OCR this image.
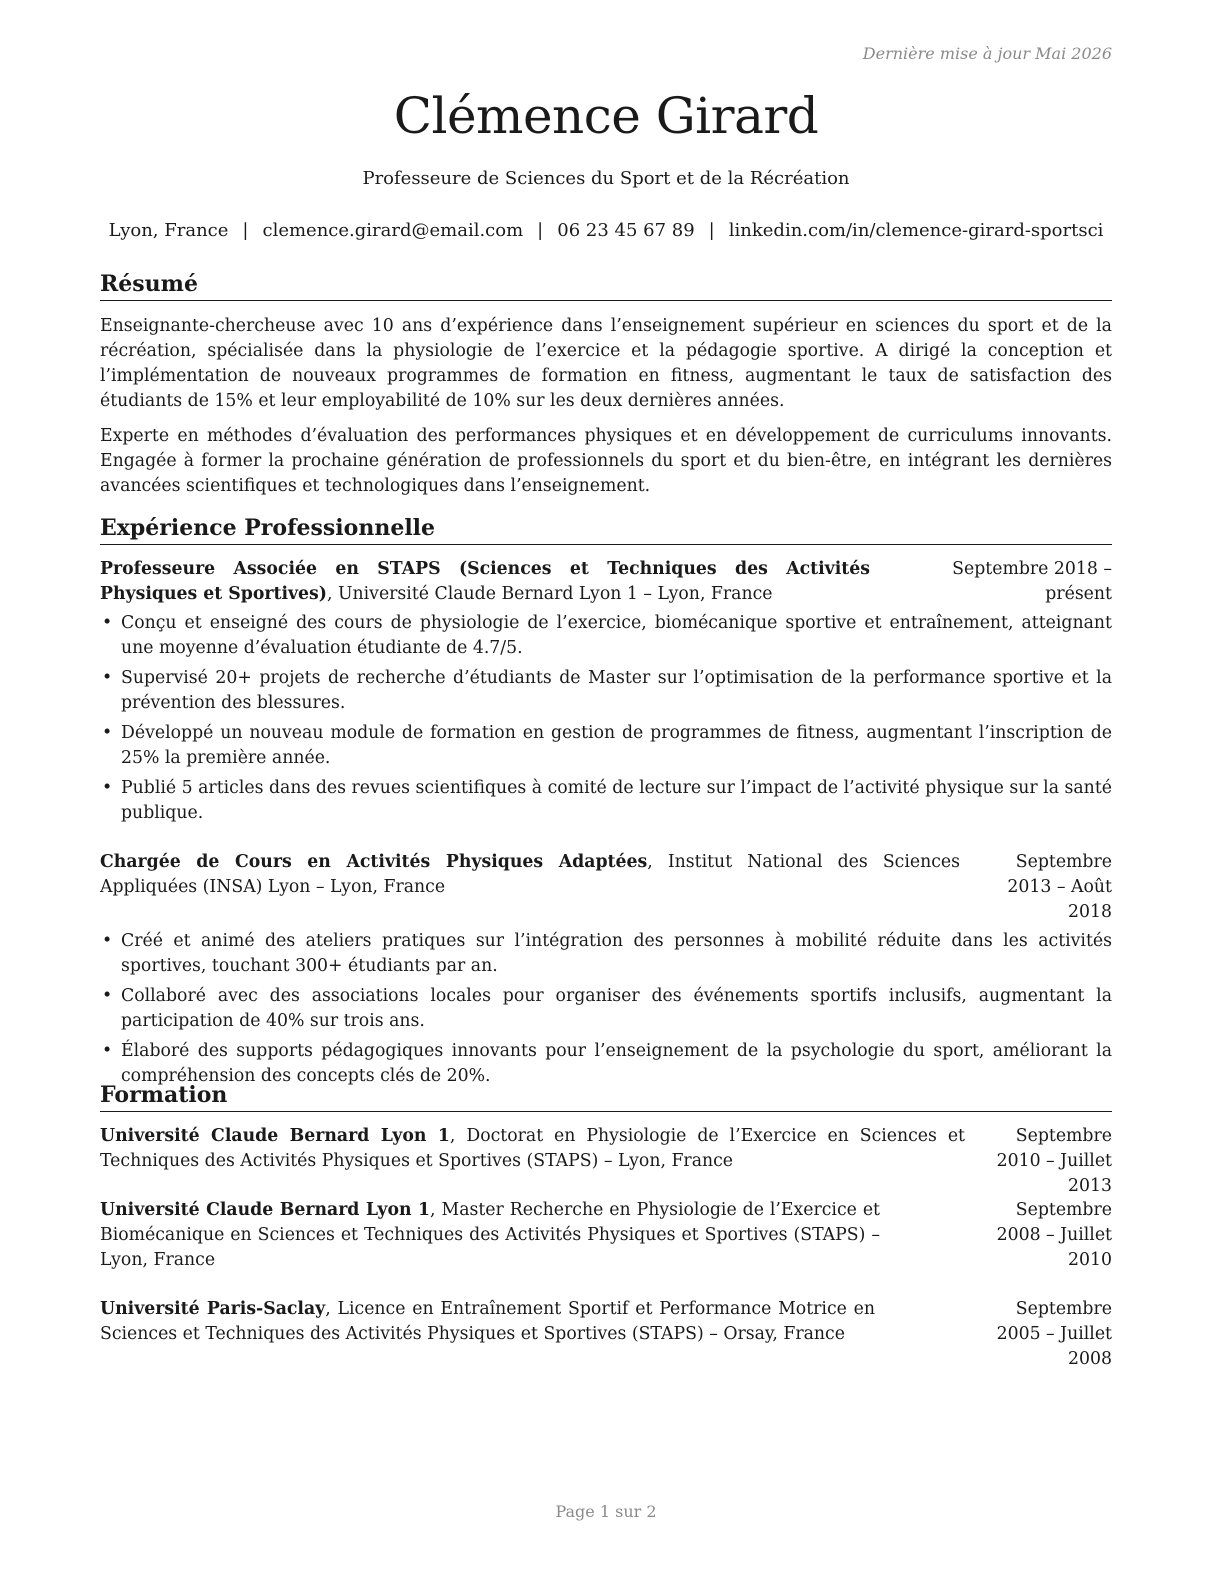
Dernière mise à jour Mai 2026
Clémence Girard
Professeure de Sciences du Sport et de la Récréation
Lyon, France | clemence.girard@email.com | 06 23 45 67 89 | linkedin.com/in/clemence-girard-sportsci
Résumé

Enseignante-chercheuse avec 10 ans d’expérience dans l’enseignement supérieur en sciences du sport et de la récréation, spécialisée dans la physiologie de l’exercice et la pédagogie sportive. A dirigé la conception et l’implémentation de nouveaux programmes de formation en fitness, augmentant le taux de satisfaction des étudiants de 15% et leur employabilité de 10% sur les deux dernières années.

Experte en méthodes d’évaluation des performances physiques et en développement de curriculums innovants. Engagée à former la prochaine génération de professionnels du sport et du bien-être, en intégrant les dernières avancées scientifiques et technologiques dans l’enseignement.

Expérience Professionnelle
Professeure Associée en STAPS (Sciences et Techniques des Activités Physiques et Sportives), Université Claude Bernard Lyon 1 – Lyon, France
Septembre 2018 – présent
• Conçu et enseigné des cours de physiologie de l’exercice, biomécanique sportive et entraînement, atteignant une moyenne d’évaluation étudiante de 4.7/5.
• Supervisé 20+ projets de recherche d’étudiants de Master sur l’optimisation de la performance sportive et la prévention des blessures.
• Développé un nouveau module de formation en gestion de programmes de fitness, augmentant l’inscription de 25% la première année.
• Publié 5 articles dans des revues scientifiques à comité de lecture sur l’impact de l’activité physique sur la santé publique.
Chargée de Cours en Activités Physiques Adaptées, Institut National des Sciences Appliquées (INSA) Lyon – Lyon, France
Septembre 2013 – Août 2018
• Créé et animé des ateliers pratiques sur l’intégration des personnes à mobilité réduite dans les activités sportives, touchant 300+ étudiants par an.
• Collaboré avec des associations locales pour organiser des événements sportifs inclusifs, augmentant la participation de 40% sur trois ans.
• Élaboré des supports pédagogiques innovants pour l’enseignement de la psychologie du sport, améliorant la compréhension des concepts clés de 20%.
Formation
Université Claude Bernard Lyon 1, Doctorat en Physiologie de l’Exercice en Sciences et Techniques des Activités Physiques et Sportives (STAPS) – Lyon, France
Septembre 2010 – Juillet 2013
Université Claude Bernard Lyon 1, Master Recherche en Physiologie de l’Exercice et Biomécanique en Sciences et Techniques des Activités Physiques et Sportives (STAPS) – Lyon, France
Septembre 2008 – Juillet 2010
Université Paris-Saclay, Licence en Entraînement Sportif et Performance Motrice en Sciences et Techniques des Activités Physiques et Sportives (STAPS) – Orsay, France
Septembre 2005 – Juillet 2008
Page 1 sur 2
